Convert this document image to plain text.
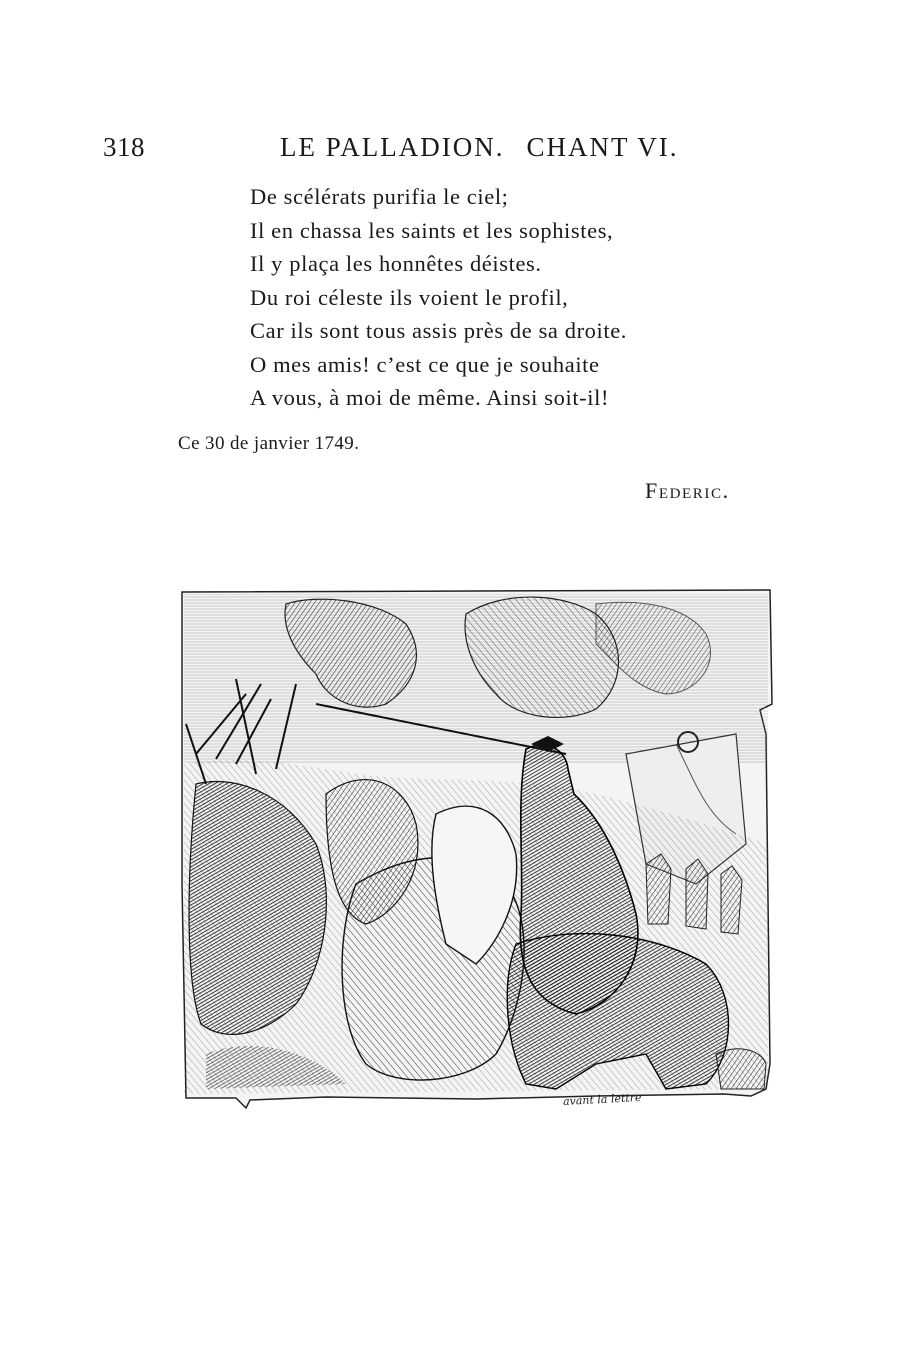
318	LE PALLADION. CHANT VI.
De scélérats purifia le ciel;
Il en chassa les saints et les sophistes,
Il y plaça les honnêtes déistes.
Du roi céleste ils voient le profil,
Car ils sont tous assis près de sa droite.
O mes amis! c’est ce que je souhaite
A vous, à moi de même. Ainsi soit-il!
Ce 30 de janvier 1749.
Federic.
avant la lettre
